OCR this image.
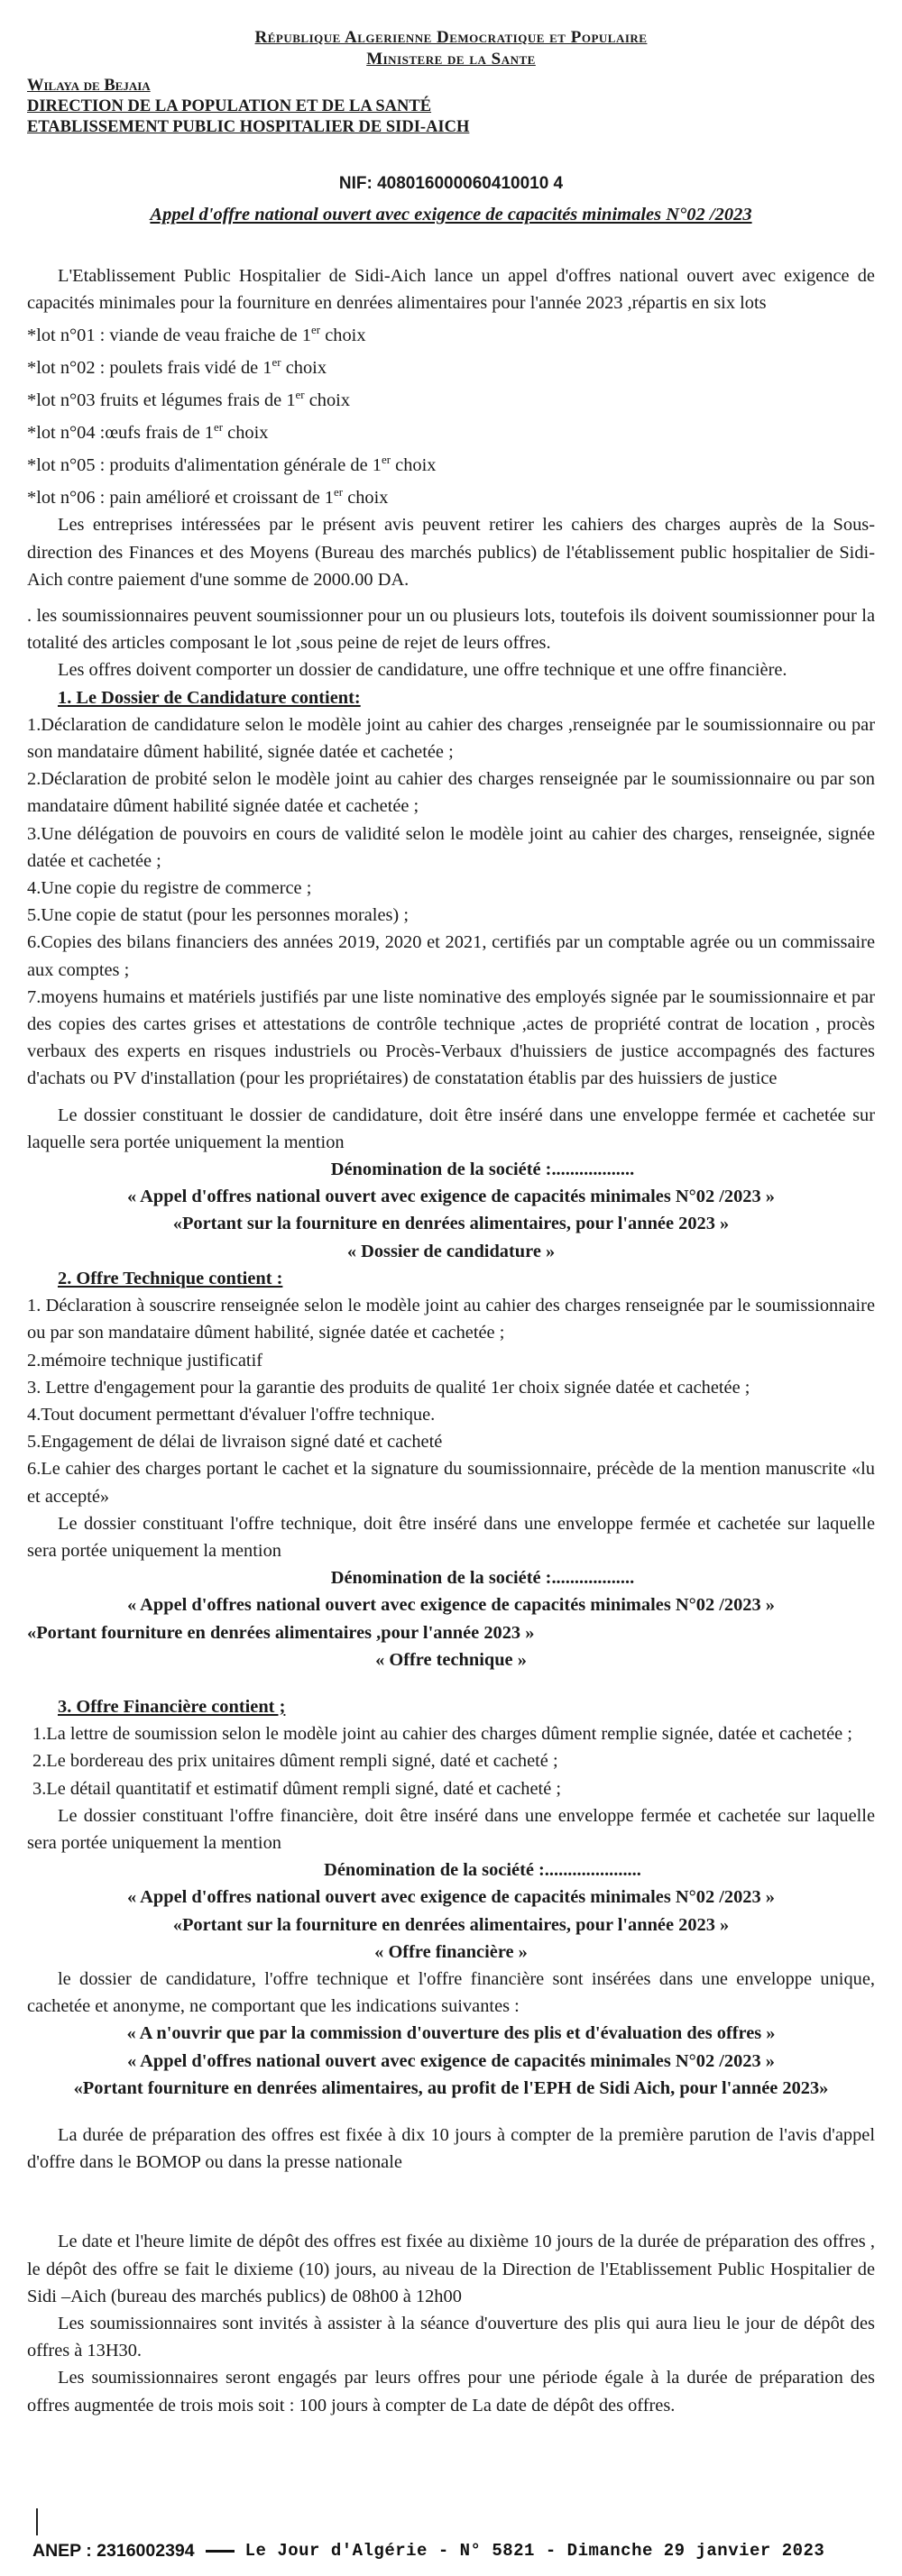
République Algerienne Democratique et Populaire
Ministere de la Sante
Wilaya de Bejaia
DIRECTION DE LA POPULATION ET DE LA SANTÉ
ETABLISSEMENT PUBLIC HOSPITALIER DE SIDI-AICH
NIF: 408016000060410010 4
Appel d'offre national ouvert avec exigence de capacités minimales N°02 /2023

L'Etablissement Public Hospitalier de Sidi-Aich lance un appel d'offres national ouvert avec exigence de capacités minimales pour la fourniture en denrées alimentaires pour l'année 2023 ,répartis en six lots

*lot n°01 : viande de veau fraiche de 1er choix

*lot n°02 : poulets frais vidé de 1er choix

*lot n°03 fruits et légumes frais de 1er choix

*lot n°04 :œufs frais de 1er choix

*lot n°05 : produits d'alimentation générale de 1er choix

*lot n°06 : pain amélioré et croissant de 1er choix

Les entreprises intéressées par le présent avis peuvent retirer les cahiers des charges auprès de la Sous-direction des Finances et des Moyens (Bureau des marchés publics) de l'établissement public hospitalier de Sidi-Aich contre paiement d'une somme de 2000.00 DA.

. les soumissionnaires peuvent soumissionner pour un ou plusieurs lots, toutefois ils doivent soumissionner pour la totalité des articles composant le lot ,sous peine de rejet de leurs offres.

Les offres doivent comporter un dossier de candidature, une offre technique et une offre financière.

1. Le Dossier de Candidature contient:

1.Déclaration de candidature selon le modèle joint au cahier des charges ,renseignée par le soumissionnaire ou par son mandataire dûment habilité, signée datée et cachetée ;

2.Déclaration de probité selon le modèle joint au cahier des charges renseignée par le soumissionnaire ou par son mandataire dûment habilité signée datée et cachetée ;

3.Une délégation de pouvoirs en cours de validité selon le modèle joint au cahier des charges, renseignée, signée datée et cachetée ;

4.Une copie du registre de commerce ;

5.Une copie de statut (pour les personnes morales) ;

6.Copies des bilans financiers des années 2019, 2020 et 2021, certifiés par un comptable agrée ou un commissaire aux comptes ;

7.moyens humains et matériels justifiés par une liste nominative des employés signée par le soumissionnaire et par des copies des cartes grises et attestations de contrôle technique ,actes de propriété contrat de location , procès verbaux des experts en risques industriels ou Procès-Verbaux d'huissiers de justice accompagnés des factures d'achats ou PV d'installation (pour les propriétaires) de constatation établis par des huissiers de justice

Le dossier constituant le dossier de candidature, doit être inséré dans une enveloppe fermée et cachetée sur laquelle sera portée uniquement la mention

Dénomination de la société :..................
« Appel d'offres national ouvert avec exigence de capacités minimales N°02 /2023 »
«Portant sur la fourniture en denrées alimentaires, pour l'année 2023 »
« Dossier de candidature »
2. Offre Technique contient :

1. Déclaration à souscrire renseignée selon le modèle joint au cahier des charges renseignée par le soumissionnaire ou par son mandataire dûment habilité, signée datée et cachetée ;

2.mémoire technique justificatif

3. Lettre d'engagement pour la garantie des produits de qualité 1er choix signée datée et cachetée ;

4.Tout document permettant d'évaluer l'offre technique.

5.Engagement de délai de livraison signé daté et cacheté

6.Le cahier des charges portant le cachet et la signature du soumissionnaire, précède de la mention manuscrite «lu et accepté»

Le dossier constituant l'offre technique, doit être inséré dans une enveloppe fermée et cachetée sur laquelle sera portée uniquement la mention

Dénomination de la société :..................
« Appel d'offres national ouvert avec exigence de capacités minimales N°02 /2023 »
«Portant fourniture en denrées alimentaires ,pour l'année 2023 »
« Offre technique »
3. Offre Financière contient ;

1.La lettre de soumission selon le modèle joint au cahier des charges dûment remplie signée, datée et cachetée ;

2.Le bordereau des prix unitaires dûment rempli signé, daté et cacheté ;

3.Le détail quantitatif et estimatif dûment rempli signé, daté et cacheté ;

Le dossier constituant l'offre financière, doit être inséré dans une enveloppe fermée et cachetée sur laquelle sera portée uniquement la mention

Dénomination de la société :.....................
« Appel d'offres national ouvert avec exigence de capacités minimales N°02 /2023 »
«Portant sur la fourniture en denrées alimentaires, pour l'année 2023 »
« Offre financière »

le dossier de candidature, l'offre technique et l'offre financière sont insérées dans une enveloppe unique, cachetée et anonyme, ne comportant que les indications suivantes :

« A n'ouvrir que par la commission d'ouverture des plis et d'évaluation des offres »
« Appel d'offres national ouvert avec exigence de capacités minimales N°02 /2023 »
«Portant fourniture en denrées alimentaires, au profit de l'EPH de Sidi Aich, pour l'année 2023»

La durée de préparation des offres est fixée à dix 10 jours à compter de la première parution de l'avis d'appel d'offre dans le BOMOP ou dans la presse nationale

Le date et l'heure limite de dépôt des offres est fixée au dixième 10 jours de la durée de préparation des offres , le dépôt des offre se fait le dixieme (10) jours, au niveau de la Direction de l'Etablissement Public Hospitalier de Sidi –Aich (bureau des marchés publics) de 08h00 à 12h00

Les soumissionnaires sont invités à assister à la séance d'ouverture des plis qui aura lieu le jour de dépôt des offres à 13H30.

Les soumissionnaires seront engagés par leurs offres pour une période égale à la durée de préparation des offres augmentée de trois mois soit : 100 jours à compter de La date de dépôt des offres.

ANEP : 2316002394	Le Jour d'Algérie - N° 5821 - Dimanche 29 janvier 2023
